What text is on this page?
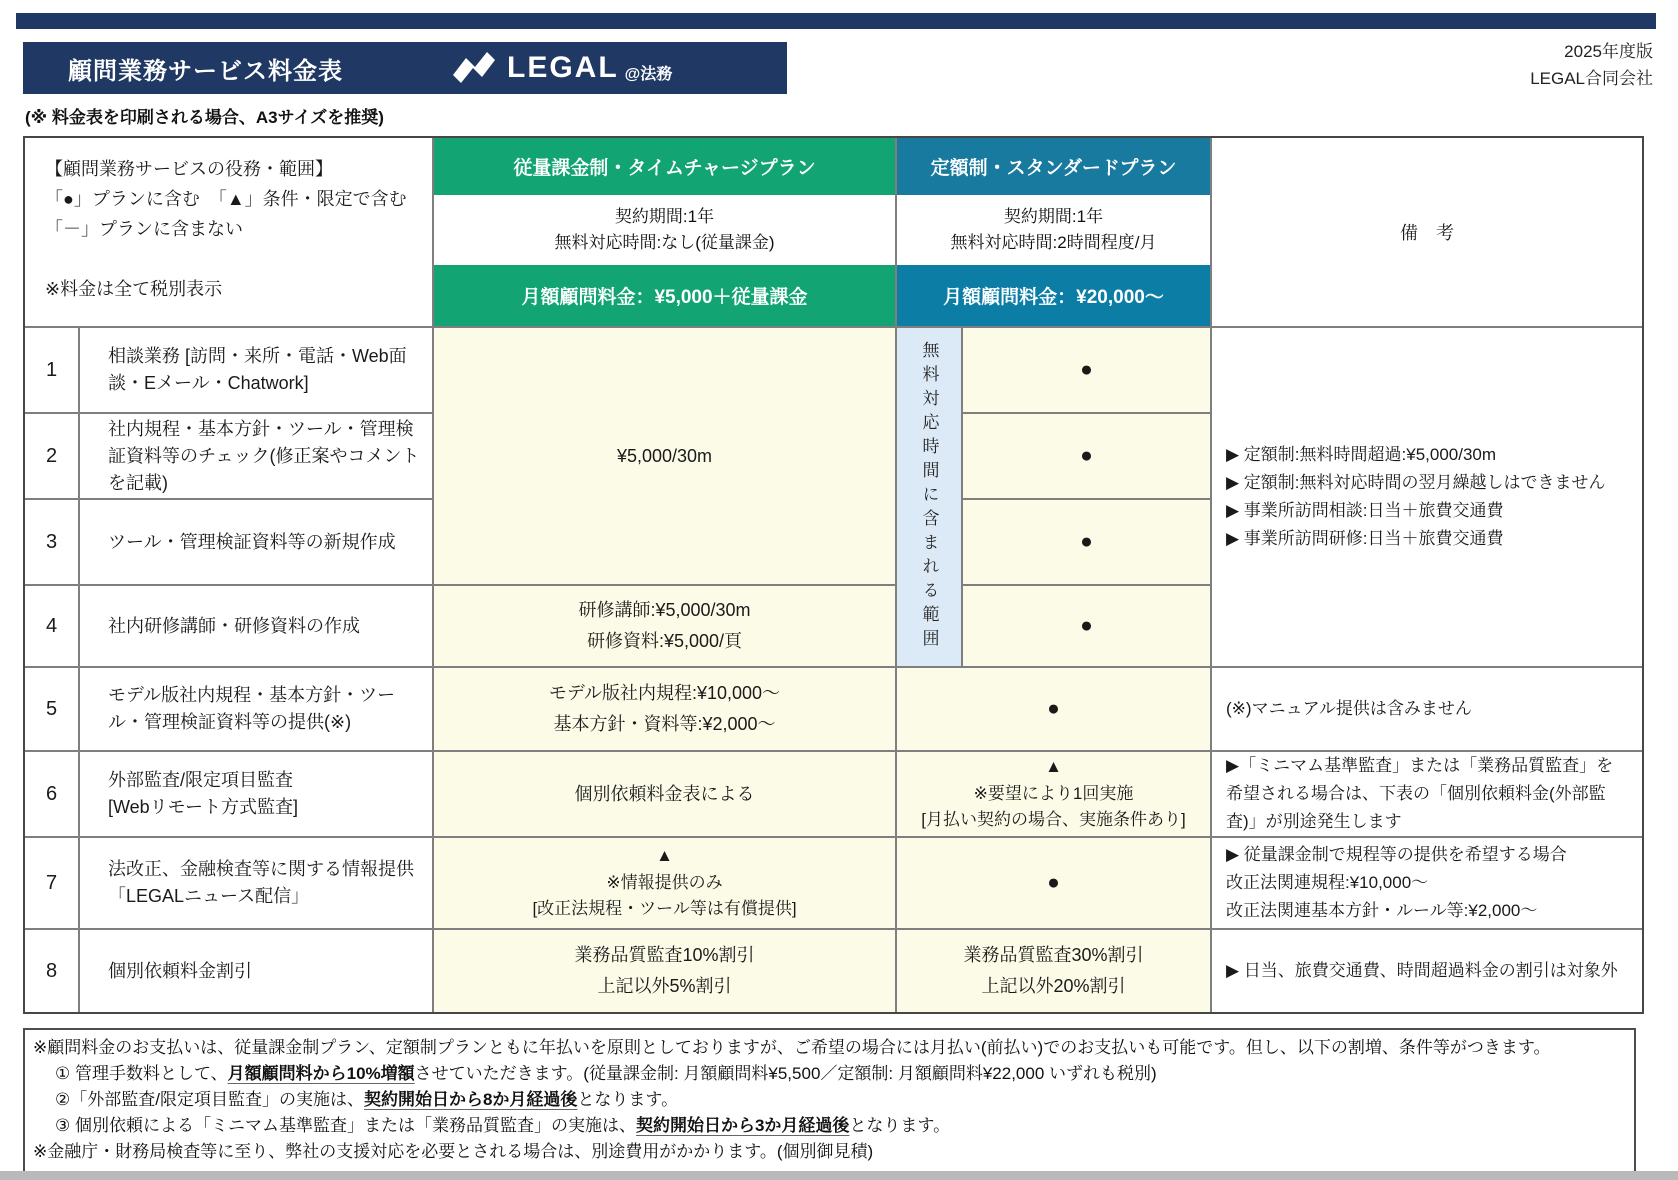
顧問業務サービス料金表	LEGAL @法務
2025年度版
LEGAL合同会社
(※ 料金表を印刷される場合、A3サイズを推奨)
【顧問業務サービスの役務・範囲】
「●」プランに含む　「▲」条件・限定で含む
「－」プランに含まない
※料金は全て税別表示
従量課金制・タイムチャージプラン
契約期間:1年
無料対応時間:なし(従量課金)
月額顧問料金：¥5,000＋従量課金
定額制・スタンダードプラン
契約期間:1年
無料対応時間:2時間程度/月
月額顧問料金：¥20,000～
備　考
1
2
3
4
5
6
7
8
相談業務 [訪問・来所・電話・Web面談・Eメール・Chatwork]
社内規程・基本方針・ツール・管理検証資料等のチェック(修正案やコメントを記載)
ツール・管理検証資料等の新規作成
社内研修講師・研修資料の作成
モデル版社内規程・基本方針・ツール・管理検証資料等の提供(※)
外部監査/限定項目監査
[Webリモート方式監査]
法改正、金融検査等に関する情報提供
「LEGALニュース配信」
個別依頼料金割引
¥5,000/30m
研修講師:¥5,000/30m
研修資料:¥5,000/頁
モデル版社内規程:¥10,000～
基本方針・資料等:¥2,000～
個別依頼料金表による
▲
※情報提供のみ
[改正法規程・ツール等は有償提供]
業務品質監査10%割引
上記以外5%割引
●
●
●
●
無料対応時間に含まれる範囲
●
▲
※要望により1回実施
[月払い契約の場合、実施条件あり]
●
業務品質監査30%割引
上記以外20%割引
▶ 定額制:無料時間超過:¥5,000/30m
▶ 定額制:無料対応時間の翌月繰越しはできません
▶ 事業所訪問相談:日当＋旅費交通費
▶ 事業所訪問研修:日当＋旅費交通費
(※)マニュアル提供は含みません
▶「ミニマム基準監査」または「業務品質監査」を希望される場合は、下表の「個別依頼料金(外部監査)」が別途発生します
▶ 従量課金制で規程等の提供を希望する場合
改正法関連規程:¥10,000～
改正法関連基本方針・ルール等:¥2,000～
▶ 日当、旅費交通費、時間超過料金の割引は対象外
※顧問料金のお支払いは、従量課金制プラン、定額制プランともに年払いを原則としておりますが、ご希望の場合には月払い(前払い)でのお支払いも可能です。但し、以下の割増、条件等がつきます。
① 管理手数料として、月額顧問料から10%増額させていただきます。(従量課金制: 月額顧問料¥5,500／定額制: 月額顧問料¥22,000 いずれも税別)
②「外部監査/限定項目監査」の実施は、契約開始日から8か月経過後となります。
③ 個別依頼による「ミニマム基準監査」または「業務品質監査」の実施は、契約開始日から3か月経過後となります。
※金融庁・財務局検査等に至り、弊社の支援対応を必要とされる場合は、別途費用がかかります。(個別御見積)
